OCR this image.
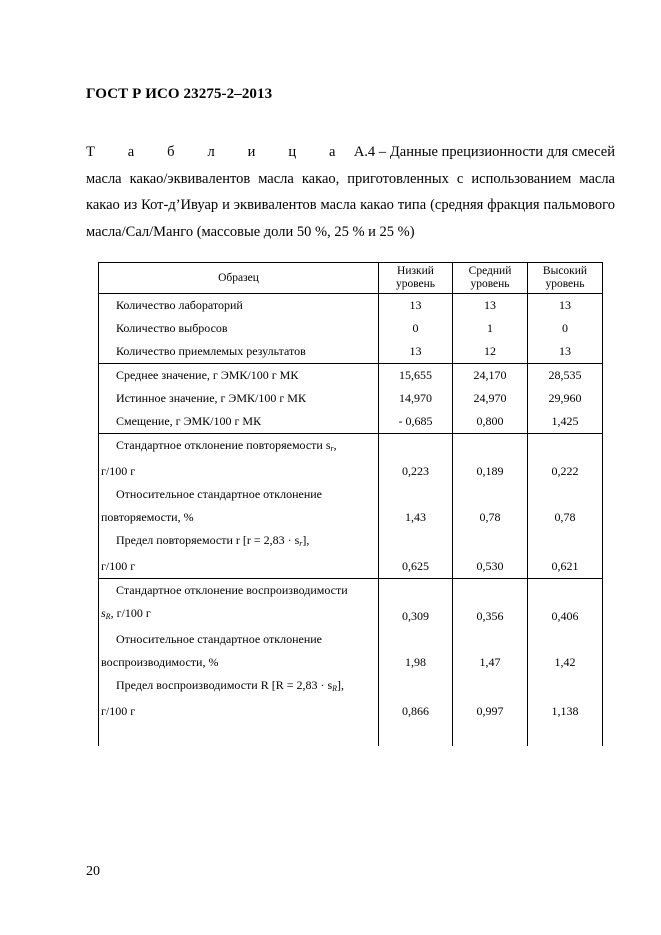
ГОСТ Р ИСО 23275-2–2013
Т а б л и ц а А.4 – Данные прецизионности для смесей масла какао/эквивалентов масла какао, приготовленных с использованием масла какао из Кот-д’Ивуар и эквивалентов масла какао типа (средняя фракция пальмового масла/Сал/Манго (массовые доли 50 %, 25 % и 25 %)
Образец	Низкий уровень	Средний уровень	Высокий уровень
Количество лабораторий	13	13	13
Количество выбросов	0	1	0
Количество приемлемых результатов	13	12	13
Среднее значение, г ЭМК/100 г МК	15,655	24,170	28,535
Истинное значение, г ЭМК/100 г МК	14,970	24,970	29,960
Смещение, г ЭМК/100 г МК	- 0,685	0,800	1,425
Стандартное отклонение повторяемости $s_r$,
г/100 г	0,223	0,189	0,222
Относительное стандартное отклонение
повторяемости, %	1,43	0,78	0,78
Предел повторяемости r $[r = 2,83 \cdot s_r]$,
г/100 г	0,625	0,530	0,621
Стандартное отклонение воспроизводимости
$s_R$, г/100 г	0,309	0,356	0,406
Относительное стандартное отклонение
воспроизводимости, %	1,98	1,47	1,42
Предел воспроизводимости R $[R = 2,83 \cdot s_R]$,
г/100 г	0,866	0,997	1,138

20
